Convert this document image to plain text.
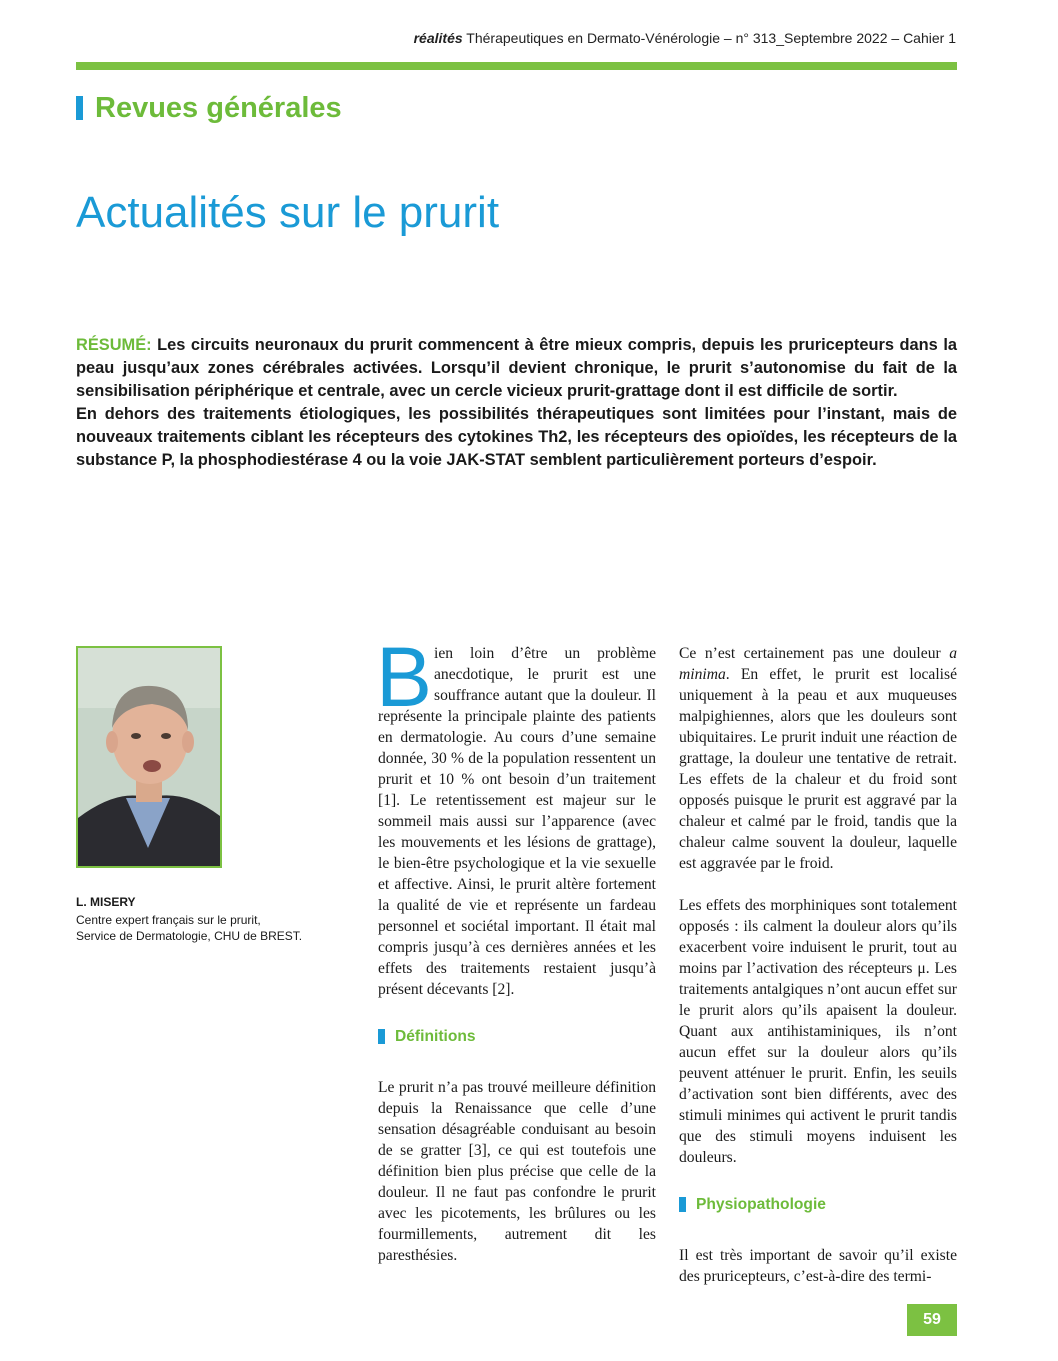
réalités Thérapeutiques en Dermato-Vénérologie – n° 313_Septembre 2022 – Cahier 1
Revues générales
Actualités sur le prurit

RÉSUMÉ: Les circuits neuronaux du prurit commencent à être mieux compris, depuis les pruricepteurs dans la peau jusqu’aux zones cérébrales activées. Lorsqu’il devient chronique, le prurit s’autonomise du fait de la sensibilisation périphérique et centrale, avec un cercle vicieux prurit-grattage dont il est difficile de sortir.

En dehors des traitements étiologiques, les possibilités thérapeutiques sont limitées pour l’instant, mais de nouveaux traitements ciblant les récepteurs des cytokines Th2, les récepteurs des opioïdes, les récepteurs de la substance P, la phosphodiestérase 4 ou la voie JAK-STAT semblent particulièrement porteurs d’espoir.

L. MISERY
Centre expert français sur le prurit,
Service de Dermatologie, CHU de BREST.

B ien loin d’être un problème anecdotique, le prurit est une souffrance autant que la douleur. Il représente la principale plainte des patients en dermatologie. Au cours d’une semaine donnée, 30 % de la population ressentent un prurit et 10 % ont besoin d’un traitement [1]. Le retentissement est majeur sur le sommeil mais aussi sur l’apparence (avec les mouvements et les lésions de grattage), le bien-être psychologique et la vie sexuelle et affective. Ainsi, le prurit altère fortement la qualité de vie et représente un fardeau personnel et sociétal important. Il était mal compris jusqu’à ces dernières années et les effets des traitements restaient jusqu’à présent décevants [2].

Définitions

Le prurit n’a pas trouvé meilleure définition depuis la Renaissance que celle d’une sensation désagréable conduisant au besoin de se gratter [3], ce qui est toutefois une définition bien plus précise que celle de la douleur. Il ne faut pas confondre le prurit avec les picotements, les brûlures ou les fourmillements, autrement dit les paresthésies.

Ce n’est certainement pas une douleur a minima. En effet, le prurit est localisé uniquement à la peau et aux muqueuses malpighiennes, alors que les douleurs sont ubiquitaires. Le prurit induit une réaction de grattage, la douleur une tentative de retrait. Les effets de la chaleur et du froid sont opposés puisque le prurit est aggravé par la chaleur et calmé par le froid, tandis que la chaleur calme souvent la douleur, laquelle est aggravée par le froid.

Les effets des morphiniques sont totalement opposés : ils calment la douleur alors qu’ils exacerbent voire induisent le prurit, tout au moins par l’activation des récepteurs μ. Les traitements antalgiques n’ont aucun effet sur le prurit alors qu’ils apaisent la douleur. Quant aux antihistaminiques, ils n’ont aucun effet sur la douleur alors qu’ils peuvent atténuer le prurit. Enfin, les seuils d’activation sont bien différents, avec des stimuli minimes qui activent le prurit tandis que des stimuli moyens induisent les douleurs.

Physiopathologie

Il est très important de savoir qu’il existe des pruricepteurs, c’est-à-dire des termi-

59
